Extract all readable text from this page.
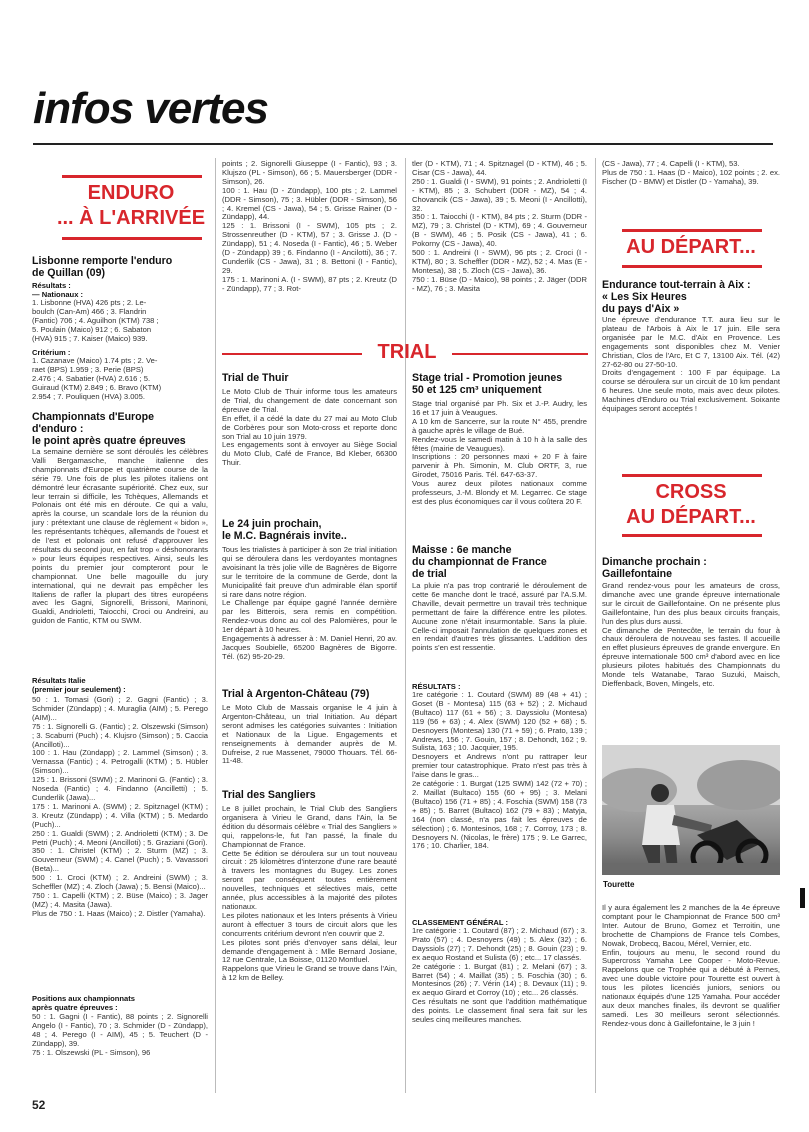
infos vertes

ENDURO
... À L'ARRIVÉE

Lisbonne remporte l'enduro
de Quillan (09)

Résultats :

— Nationaux :

1. Lisbonne (HVA) 426 pts ; 2. Le-
boulch (Can-Am) 466 ; 3. Flandrin
(Fantic) 706 ; 4. Aguilhon (KTM) 738 ;
5. Poulain (Maico) 912 ; 6. Sabaton
(HVA) 915 ; 7. Kaiser (Maico) 939.

Critérium :

1. Cazanave (Maico) 1.74 pts ; 2. Ve-
raet (BPS) 1.959 ; 3. Perie (BPS)
2.476 ; 4. Sabatier (HVA) 2.616 ; 5.
Guiraud (KTM) 2.849 ; 6. Bravo (KTM)
2.954 ; 7. Pouliquen (HVA) 3.005.

Championnats d'Europe
d'enduro :
le point après quatre épreuves

La semaine dernière se sont déroulés les célèbres Valli Bergamasche, manche italienne des championnats d'Europe et quatrième course de la série 79. Une fois de plus les pilotes italiens ont démontré leur écrasante supériorité. Chez eux, sur leur terrain si difficile, les Tchèques, Allemands et Polonais ont été mis en déroute. Ce qui a valu, après la course, un scandale lors de la réunion du jury : prétextant une clause de règlement « bidon », les représentants tchèques, allemands de l'ouest et de l'est et polonais ont refusé d'approuver les résultats du second jour, en fait trop « déshonorants » pour leurs équipes respectives. Ainsi, seuls les points du premier jour compteront pour le championnat. Une belle magouille du jury international, qui ne devrait pas empêcher les Italiens de rafler la plupart des titres européens avec les Gagni, Signorelli, Brissoni, Marinoni, Gualdi, Andrioletti, Taiocchi, Croci ou Andreini, au guidon de Fantic, KTM ou SWM.

Résultats Italie
(premier jour seulement) :

50 : 1. Tomasi (Gori) ; 2. Gagni (Fantic) ; 3. Schmider (Zündapp) ; 4. Muraglia (AIM) ; 5. Perego (AIM)...
75 : 1. Signorelli G. (Fantic) ; 2. Olszewski (Simson) ; 3. Scaburri (Puch) ; 4. Klujsro (Simson) ; 5. Caccia (Ancilloti)...
100 : 1. Hau (Zündapp) ; 2. Lammel (Simson) ; 3. Vernassa (Fantic) ; 4. Petrogalli (KTM) ; 5. Hübler (Simson)...
125 : 1. Brissoni (SWM) ; 2. Marinoni G. (Fantic) ; 3. Noseda (Fantic) ; 4. Findanno (Ancilletti) ; 5. Cunderlik (Jawa)...
175 : 1. Marinoni A. (SWM) ; 2. Spitznagel (KTM) ; 3. Kreutz (Zündapp) ; 4. Villa (KTM) ; 5. Medardo (Puch)...
250 : 1. Gualdi (SWM) ; 2. Andrioletti (KTM) ; 3. De Petri (Puch) ; 4. Meoni (Ancilloti) ; 5. Graziani (Gori).
350 : 1. Christel (KTM) ; 2. Sturm (MZ) ; 3. Gouverneur (SWM) ; 4. Canel (Puch) ; 5. Vavassori (Beta)...
500 : 1. Croci (KTM) ; 2. Andreini (SWM) ; 3. Scheffler (MZ) ; 4. Zloch (Jawa) ; 5. Bensi (Maico)...
750 : 1. Capelli (KTM) ; 2. Büse (Maico) ; 3. Jager (MZ) ; 4. Masita (Jawa).
Plus de 750 : 1. Haas (Maico) ; 2. Distler (Yamaha).

Positions aux championnats
après quatre épreuves :

50 : 1. Gagni (I - Fantic), 88 points ; 2. Signorelli Angelo (I - Fantic), 70 ; 3. Schmider (D - Zündapp), 48 ; 4. Perego (I - AIM), 45 ; 5. Teuchert (D - Zündapp), 39.
75 : 1. Olszewski (PL - Simson), 96

52

points ; 2. Signorelli Giuseppe (I - Fantic), 93 ; 3. Klujszo (PL - Simson), 66 ; 5. Mauersberger (DDR - Simson), 26.
100 : 1. Hau (D - Zündapp), 100 pts ; 2. Lammel (DDR - Simson), 75 ; 3. Hübler (DDR - Simson), 56 ; 4. Kremel (CS - Jawa), 54 ; 5. Grisse Rainer (D - Zündapp), 44.
125 : 1. Brissoni (I - SWM), 105 pts ; 2. Strossenreuther (D - KTM), 57 ; 3. Grisse J. (D - Zündapp), 51 ; 4. Noseda (I - Fantic), 46 ; 5. Weber (D - Zündapp) 39 ; 6. Findanno (I - Ancilotti), 36 ; 7. Cunderlik (CS - Jawa), 31 ; 8. Bettoni (I - Fantic), 29.
175 : 1. Marinoni A. (I - SWM), 87 pts ; 2. Kreutz (D - Zündapp), 77 ; 3. Rot-

tler (D - KTM), 71 ; 4. Spitznagel (D - KTM), 46 ; 5. Cisar (CS - Jawa), 44.
250 : 1. Gualdi (I - SWM), 91 points ; 2. Andrioletti (I - KTM), 85 ; 3. Schubert (DDR - MZ), 54 ; 4. Chovancik (CS - Jawa), 39 ; 5. Meoni (I - Ancillotti), 32.
350 : 1. Taiocchi (I - KTM), 84 pts ; 2. Sturm (DDR - MZ), 79 ; 3. Christel (D - KTM), 69 ; 4. Gouverneur (B - SWM), 46 ; 5. Posik (CS - Jawa), 41 ; 6. Pokorny (CS - Jawa), 40.
500 : 1. Andreini (I - SWM), 96 pts ; 2. Croci (I - KTM), 80 ; 3. Scheffler (DDR - MZ), 52 ; 4. Mas (E - Montesa), 38 ; 5. Zloch (CS - Jawa), 36.
750 : 1. Büse (D - Maico), 98 points ; 2. Jäger (DDR - MZ), 76 ; 3. Masita

(CS - Jawa), 77 ; 4. Capelli (I - KTM), 53.
Plus de 750 : 1. Haas (D - Maico), 102 points ; 2. ex. Fischer (D - BMW) et Distler (D - Yamaha), 39.

TRIAL

Trial de Thuir

Le Moto Club de Thuir informe tous les amateurs de Trial, du changement de date concernant son épreuve de Trial.
En effet, il a cédé la date du 27 mai au Moto Club de Corbères pour son Moto-cross et reporte donc son Trial au 10 juin 1979.
Les engagements sont à envoyer au Siège Social du Moto Club, Café de France, Bd Kleber, 66300 Thuir.

Le 24 juin prochain,
le M.C. Bagnérais invite..

Tous les trialistes à participer à son 2e trial initiation qui se déroulera dans les verdoyantes montagnes avoisinant la très jolie ville de Bagnères de Bigorre sur le territoire de la commune de Gerde, dont la Municipalité fait preuve d'un admirable élan sportif si rare dans notre région.
Le Challenge par équipe gagné l'année dernière par les Bitterois, sera remis en compétition. Rendez-vous donc au col des Palomières, pour le 1er départ à 10 heures.
Engagements à adresser à : M. Daniel Henri, 20 av. Jacques Soubielle, 65200 Bagnères de Bigorre. Tél. (62) 95-20-29.

Trial à Argenton-Château (79)

Le Moto Club de Massais organise le 4 juin à Argenton-Château, un trial Initiation. Au départ seront admises les catégories suivantes : Initiation et Nationaux de la Ligue. Engagements et renseignements à demander auprès de M. Dufreise, 2 rue Massenet, 79000 Thouars. Tél. 66-11-48.

Trial des Sangliers

Le 8 juillet prochain, le Trial Club des Sangliers organisera à Virieu le Grand, dans l'Ain, la 5e édition du désormais célèbre « Trial des Sangliers » qui, rappelons-le, fut l'an passé, la finale du Championnat de France.
Cette 5e édition se déroulera sur un tout nouveau circuit : 25 kilomètres d'interzone d'une rare beauté à travers les montagnes du Bugey. Les zones seront par conséquent toutes entièrement nouvelles, techniques et sélectives mais, cette année, plus accessibles à la majorité des pilotes nationaux.
Les pilotes nationaux et les Inters présents à Virieu auront à effectuer 3 tours de circuit alors que les concurrents critérium devront n'en couvrir que 2.
Les pilotes sont priés d'envoyer sans délai, leur demande d'engagement à : Mlle Bernard Josiane, 12 rue Centrale, La Boisse, 01120 Montluel.
Rappelons que Virieu le Grand se trouve dans l'Ain, à 12 km de Belley.

Stage trial - Promotion jeunes
50 et 125 cm³ uniquement

Stage trial organisé par Ph. Six et J.-P. Audry, les 16 et 17 juin à Veaugues.
A 10 km de Sancerre, sur la route N° 455, prendre à gauche après le village de Bué.
Rendez-vous le samedi matin à 10 h à la salle des fêtes (mairie de Veaugues).
Inscriptions : 20 personnes maxi + 20 F à faire parvenir à Ph. Simonin, M. Club ORTF, 3, rue Girodet, 75016 Paris. Tél. 647-63-37.
Vous aurez deux pilotes nationaux comme professeurs, J.-M. Blondy et M. Legarrec. Ce stage est des plus économiques car il vous coûtera 20 F.

Maisse : 6e manche
du championnat de France
de trial

La pluie n'a pas trop contrarié le déroulement de cette 6e manche dont le tracé, assuré par l'A.S.M. Chaville, devait permettre un travail très technique permettant de faire la différence entre les pilotes. Aucune zone n'était insurmontable. Sans la pluie. Celle-ci imposait l'annulation de quelques zones et en rendait d'autres très glissantes. L'addition des points s'en est ressentie.

RÉSULTATS :

1re catégorie : 1. Coutard (SWM) 89 (48 + 41) ; Goset (B - Montesa) 115 (63 + 52) ; 2. Michaud (Bultaco) 117 (61 + 56) ; 3. Dayssiolu (Montesa) 119 (56 + 63) ; 4. Alex (SWM) 120 (52 + 68) ; 5. Desnoyers (Montesa) 130 (71 + 59) ; 6. Prato, 139 ; Andrews, 156 ; 7. Gouin, 157 ; 8. Dehondt, 162 ; 9. Sulista, 163 ; 10. Jacquier, 195.
Desnoyers et Andrews n'ont pu rattraper leur premier tour catastrophique. Prato n'est pas très à l'aise dans le gras...
2e catégorie : 1. Burgat (125 SWM) 142 (72 + 70) ; 2. Maillat (Bultaco) 155 (60 + 95) ; 3. Melani (Bultaco) 156 (71 + 85) ; 4. Foschia (SWM) 158 (73 + 85) ; 5. Barret (Bultaco) 162 (79 + 83) ; Matyja, 164 (non classé, n'a pas fait les épreuves de sélection) ; 6. Montesinos, 168 ; 7. Corroy, 173 ; 8. Desnoyers N. (Nicolas, le frère) 175 ; 9. Le Garrec, 176 ; 10. Charlier, 184.

CLASSEMENT GÉNÉRAL :

1re catégorie : 1. Coutard (87) ; 2. Michaud (67) ; 3. Prato (57) ; 4. Desnoyers (49) ; 5. Alex (32) ; 6. Dayssiols (27) ; 7. Dehondt (25) ; 8. Gouin (23) ; 9. ex aequo Rostand et Sulista (6) ; etc... 17 classés.
2e catégorie : 1. Burgat (81) ; 2. Melani (67) ; 3. Barret (54) ; 4. Maillat (35) ; 5. Foschia (30) ; 6. Montesinos (26) ; 7. Vérin (14) ; 8. Devaux (11) ; 9. ex aequo Girard et Corroy (10) ; etc... 26 classés.
Ces résultats ne sont que l'addition mathématique des points. Le classement final sera fait sur les seules cinq meilleures manches.

AU DÉPART...

Endurance tout-terrain à Aix :
« Les Six Heures
du pays d'Aix »

Une épreuve d'endurance T.T. aura lieu sur le plateau de l'Arbois à Aix le 17 juin. Elle sera organisée par le M.C. d'Aix en Provence. Les engagements sont disponibles chez M. Venier Christian, Clos de l'Arc, Et C 7, 13100 Aix. Tél. (42) 27-62-80 ou 27-50-10.
Droits d'engagement : 100 F par équipage. La course se déroulera sur un circuit de 10 km pendant 6 heures. Une seule moto, mais avec deux pilotes. Machines d'Enduro ou Trial exclusivement. Soixante équipages seront acceptés !

CROSS
AU DÉPART...

Dimanche prochain :
Gaillefontaine

Grand rendez-vous pour les amateurs de cross, dimanche avec une grande épreuve internationale sur le circuit de Gaillefontaine. On ne présente plus Gaillefontaine, l'un des plus beaux circuits français, l'un des plus durs aussi.
Ce dimanche de Pentecôte, le terrain du four à chaux déroulera de nouveau ses fastes. Il accueille en effet plusieurs épreuves de grande envergure. En épreuve internationale 500 cm³ d'abord avec en lice plusieurs pilotes habitués des Championnats du Monde tels Watanabe, Tarao Suzuki, Maisch, Dieffenback, Boven, Mingels, etc.

Tourette

Il y aura également les 2 manches de la 4e épreuve comptant pour le Championnat de France 500 cm³ Inter. Autour de Bruno, Gomez et Terroitin, une brochette de Champions de France tels Combes, Nowak, Drobecq, Bacou, Mérel, Vernier, etc.
Enfin, toujours au menu, le second round du Supercross Yamaha Lee Cooper - Moto-Revue. Rappelons que ce Trophée qui a débuté à Pernes, avec une double victoire pour Tourette est ouvert à tous les pilotes licenciés juniors, seniors ou nationaux équipés d'une 125 Yamaha. Pour accéder aux deux manches finales, ils devront se qualifier samedi. Les 30 meilleurs seront sélectionnés. Rendez-vous donc à Gaillefontaine, le 3 juin !
